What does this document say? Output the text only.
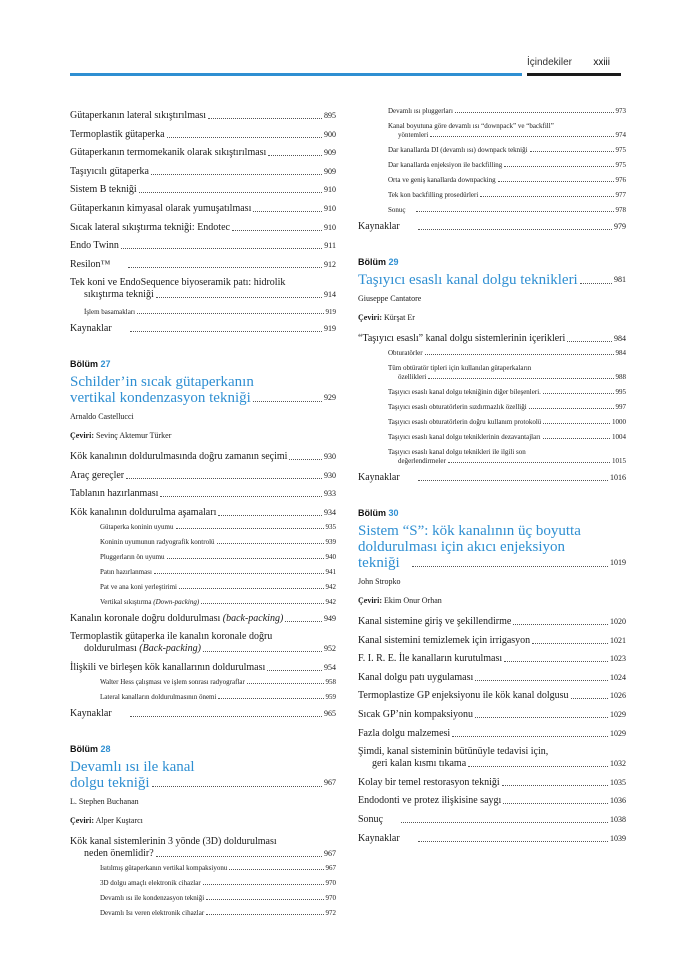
İçindekiler xxiii
Gütaperkanın lateral sıkıştırılması	895
Termoplastik gütaperka	900
Gütaperkanın termomekanik olarak sıkıştırılması	909
Taşıyıcılı gütaperka	909
Sistem B tekniği	910
Gütaperkanın kimyasal olarak yumuşatılması	910
Sıcak lateral sıkıştırma tekniği: Endotec	910
Endo Twinn	911
Resilon™	912
Tek koni ve EndoSequence biyoseramik patı: hidrolik
sıkıştırma tekniği	914
İşlem basamakları	919
Kaynaklar	919
Bölüm 27
Schilder’in sıcak gütaperkanın
vertikal kondenzasyon tekniği	929
Arnaldo Castellucci
Çeviri: Sevinç Aktemur Türker
Kök kanalının doldurulmasında doğru zamanın seçimi	930
Araç gereçler	930
Tablanın hazırlanması	933
Kök kanalının doldurulma aşamaları	934
Gütaperka koninin uyumu	935
Koninin uyumunun radyografik kontrolü	939
Pluggerların ön uyumu	940
Patın hazırlanması	941
Pat ve ana koni yerleştirimi	942
Vertikal sıkıştırma (Down-packing)	942
Kanalın koronale doğru doldurulması (back-packing)	949
Termoplastik gütaperka ile kanalın koronale doğru
doldurulması (Back-packing)	952
İlişkili ve birleşen kök kanallarının doldurulması	954
Walter Hess çalışması ve işlem sonrası radyograflar	958
Lateral kanalların doldurulmasının önemi	959
Kaynaklar	965
Bölüm 28
Devamlı ısı ile kanal
dolgu tekniği	967
L. Stephen Buchanan
Çeviri: Alper Kuştarcı
Kök kanal sistemlerinin 3 yönde (3D) doldurulması
neden önemlidir?	967
Isıtılmış gütaperkanın vertikal kompaksiyonu	967
3D dolgu amaçlı elektronik cihazlar	970
Devamlı ısı ile kondenzasyon tekniği	970
Devamlı Isı veren elektronik cihazlar	972
Devamlı ısı pluggerları	973
Kanal boyutuna göre devamlı ısı “downpack” ve “backfill”
yöntemleri	974
Dar kanallarda DI (devamlı ısı) downpack tekniği	975
Dar kanallarda enjeksiyon ile backfilling	975
Orta ve geniş kanallarda downpacking	976
Tek kon backfilling prosedürleri	977
Sonuç	978
Kaynaklar	979
Bölüm 29
Taşıyıcı esaslı kanal dolgu teknikleri	981
Giuseppe Cantatore
Çeviri: Kürşat Er
“Taşıyıcı esaslı” kanal dolgu sistemlerinin içerikleri	984
Obturatörler	984
Tüm obtüratör tipleri için kullanılan gütaperkaların
özellikleri	988
Taşıyıcı esaslı kanal dolgu tekniğinin diğer bileşenleri.	995
Taşıyıcı esaslı obturatörlerin sızdırmazlık özelliği	997
Taşıyıcı esaslı obturatörlerin doğru kullanım protokolü	1000
Taşıyıcı esaslı kanal dolgu tekniklerinin dezavantajları	1004
Taşıyıcı esaslı kanal dolgu teknikleri ile ilgili son
değerlendirmeler	1015
Kaynaklar	1016
Bölüm 30
Sistem “S”: kök kanalının üç boyutta
doldurulması için akıcı enjeksiyon
tekniği	1019
John Stropko
Çeviri: Ekim Onur Orhan
Kanal sistemine giriş ve şekillendirme	1020
Kanal sistemini temizlemek için irrigasyon	1021
F. I. R. E. İle kanalların kurutulması	1023
Kanal dolgu patı uygulaması	1024
Termoplastize GP enjeksiyonu ile kök kanal dolgusu	1026
Sıcak GP’nin kompaksiyonu	1029
Fazla dolgu malzemesi	1029
Şimdi, kanal sisteminin bütünüyle tedavisi için,
geri kalan kısmı tıkama	1032
Kolay bir temel restorasyon tekniği	1035
Endodonti ve protez ilişkisine saygı	1036
Sonuç	1038
Kaynaklar	1039
